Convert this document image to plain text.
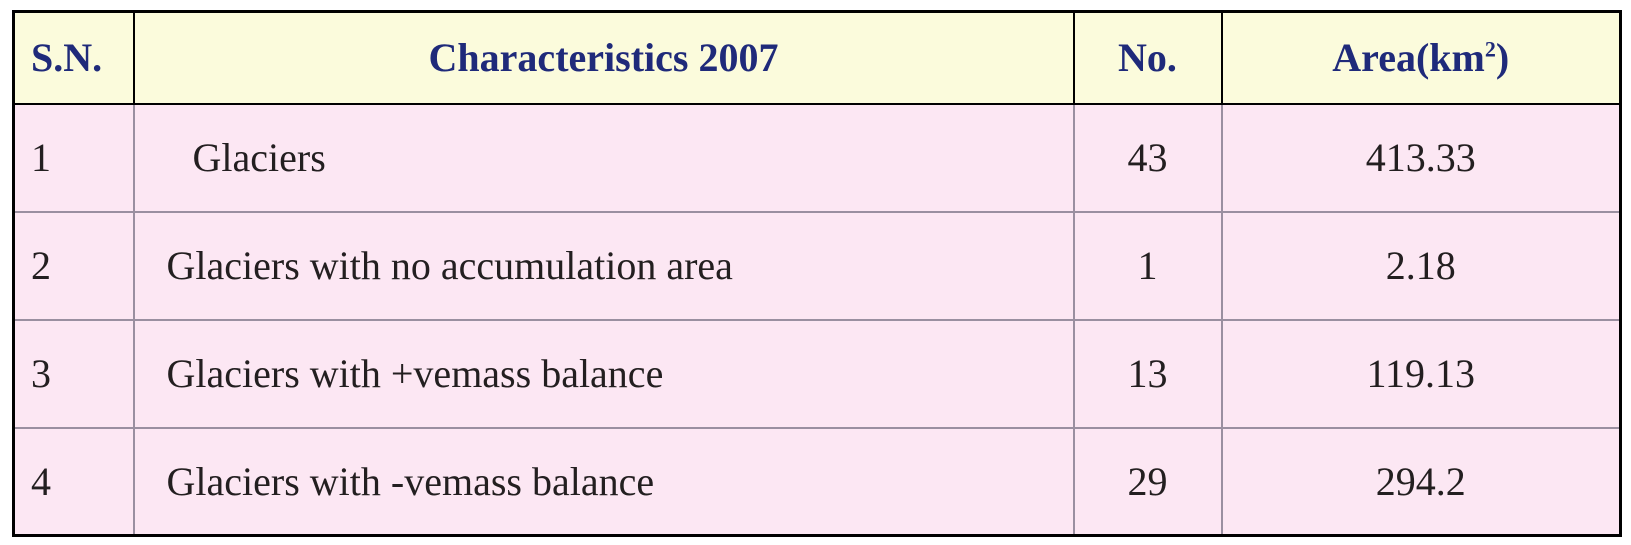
S.N.	Characteristics 2007	No.	$Area(km^2)$
1	Glaciers	43	413.33
2	Glaciers with no accumulation area	1	2.18
3	Glaciers with +vemass balance	13	119.13
4	Glaciers with -vemass balance	29	294.2
